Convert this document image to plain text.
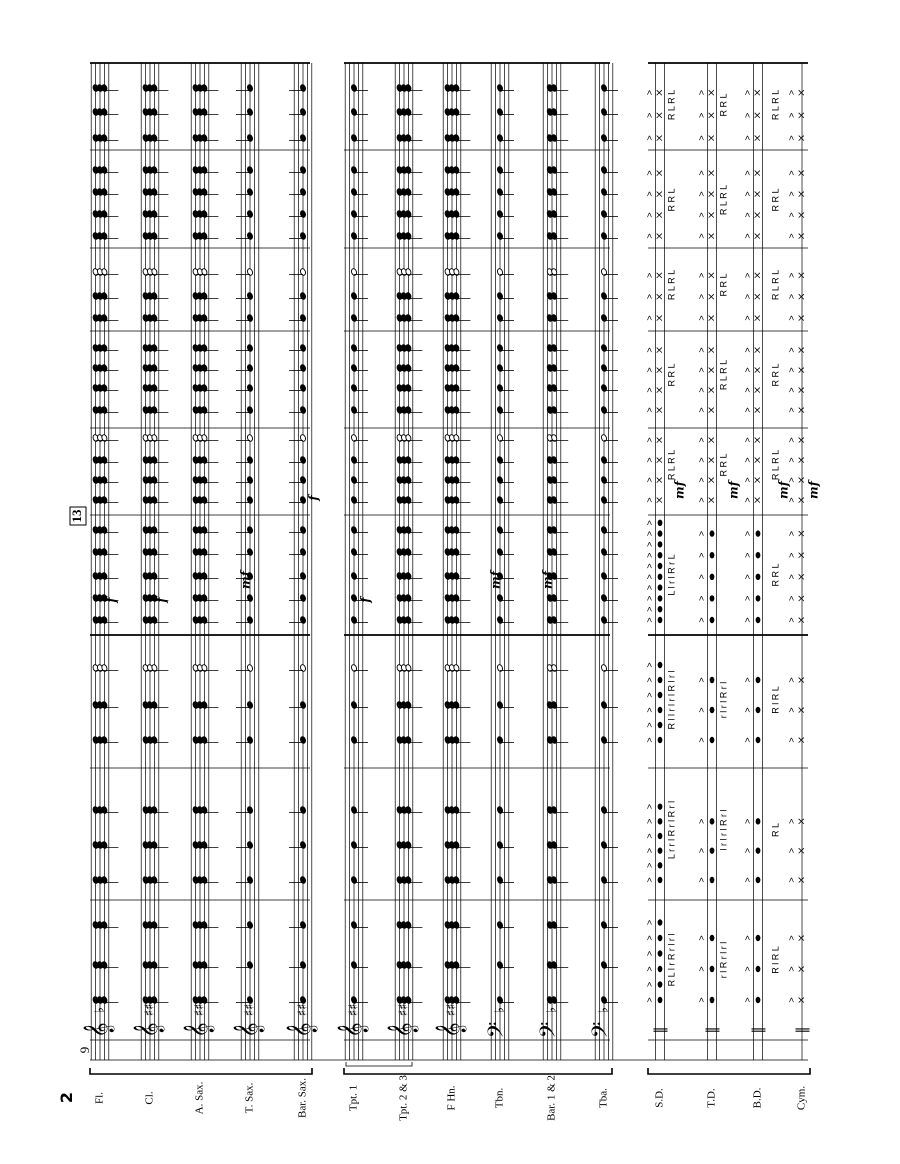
2
>
>
>
>
>
>
>
>
>
>
>
>
>
>
>
>
>
>
>
>
>
>
>
>
>
>
>
>
×
>
×
>
×
>
×
>
×
>
×
>
×
>
×
>
×
>
×
>
×
>
×
>
×
>
×
>
×
>
×
>
×
>
×
>
>
>
>
>
>
>
>
>
>
>
>
>
>
>
×
>
×
>
×
>
×
>
×
>
×
>
×
>
×
>
×
>
×
>
×
>
×
>
×
>
×
>
×
>
×
>
×
>
×
>
>
>
>
>
>
>
>
>
>
>
>
>
>
>
×
>
×
>
×
>
×
>
×
>
×
>
×
>
×
>
×
>
×
>
×
>
×
>
×
>
×
>
×
>
×
>
×
>
×
>
×
>
×
>
×
>
×
>
×
>
×
>
×
>
×
>
×
>
×
>
×
>
×
>
×
>
×
>
×
>
×
>
×
>
×
>
×
>
×
>
×
>
×
>
×
>
×
>
×
>
×
>
×
>
×
>
×
>
×
>
×
>
×
>
Fl.
𝄞
♭
Cl.
𝄞
♯♯
A. Sax.
𝄞
♯♯
T. Sax.
𝄞
♯♯
Bar. Sax.
𝄞
♯♯
Tpt. 1
𝄞
♯♯
Tpt. 2 & 3
𝄞
♯♯
F Hn.
𝄞
♯♯
Tbn.
𝄢
♭
Bar. 1 & 2
𝄢
♭
Tba.
𝄢
♭
S.D.
‖
T.D.
‖
B.D.
‖
Cym.
‖
9
13
R L l r R r l r l
L r r l R r l R r l
R l l r l r l R l r l
L l r l R r L
r l R r l r l
l r l r l R r l
r l r l R r l
R l R L
R L
R l R L
R R L
R L R L
R R L
R L R L
R R L
R L R L
R R L
R L R L
R R L
R L R L
R R L
R L R L
R R L
R L R L
R R L
R L R L
f	f
mf
f
mf	mf
f	mf	mf	mf mf
